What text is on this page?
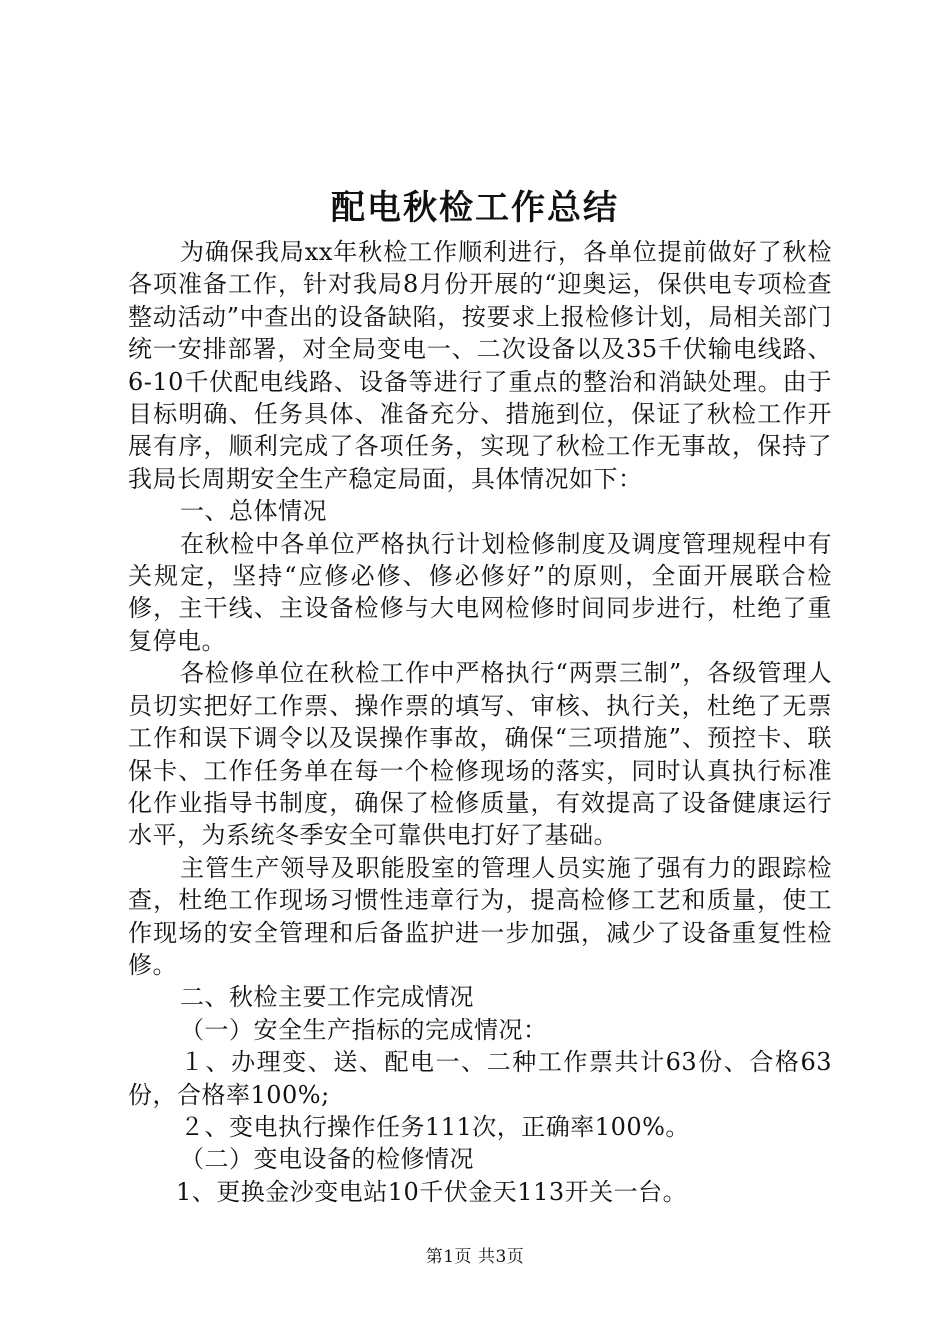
配电秋检工作总结

为确保我局xx年秋检工作顺利进行，各单位提前做好了秋检各项准备工作，针对我局8月份开展的“迎奥运，保供电专项检查整动活动”中查出的设备缺陷，按要求上报检修计划，局相关部门统一安排部署，对全局变电一、二次设备以及35千伏输电线路、6-10千伏配电线路、设备等进行了重点的整治和消缺处理。由于目标明确、任务具体、准备充分、措施到位，保证了秋检工作开展有序，顺利完成了各项任务，实现了秋检工作无事故，保持了我局长周期安全生产稳定局面，具体情况如下：

一、总体情况

在秋检中各单位严格执行计划检修制度及调度管理规程中有关规定，坚持“应修必修、修必修好”的原则，全面开展联合检修，主干线、主设备检修与大电网检修时间同步进行，杜绝了重复停电。

各检修单位在秋检工作中严格执行“两票三制”，各级管理人员切实把好工作票、操作票的填写、审核、执行关，杜绝了无票工作和误下调令以及误操作事故，确保“三项措施”、预控卡、联保卡、工作任务单在每一个检修现场的落实，同时认真执行标准化作业指导书制度，确保了检修质量，有效提高了设备健康运行水平，为系统冬季安全可靠供电打好了基础。

主管生产领导及职能股室的管理人员实施了强有力的跟踪检查，杜绝工作现场习惯性违章行为，提高检修工艺和质量，使工作现场的安全管理和后备监护进一步加强，减少了设备重复性检修。

二、秋检主要工作完成情况

（一）安全生产指标的完成情况：

１、办理变、送、配电一、二种工作票共计63份、合格63份，合格率100%;

２、变电执行操作任务111次，正确率100%。

（二）变电设备的检修情况

1、更换金沙变电站10千伏金天113开关一台。

第1页 共3页
